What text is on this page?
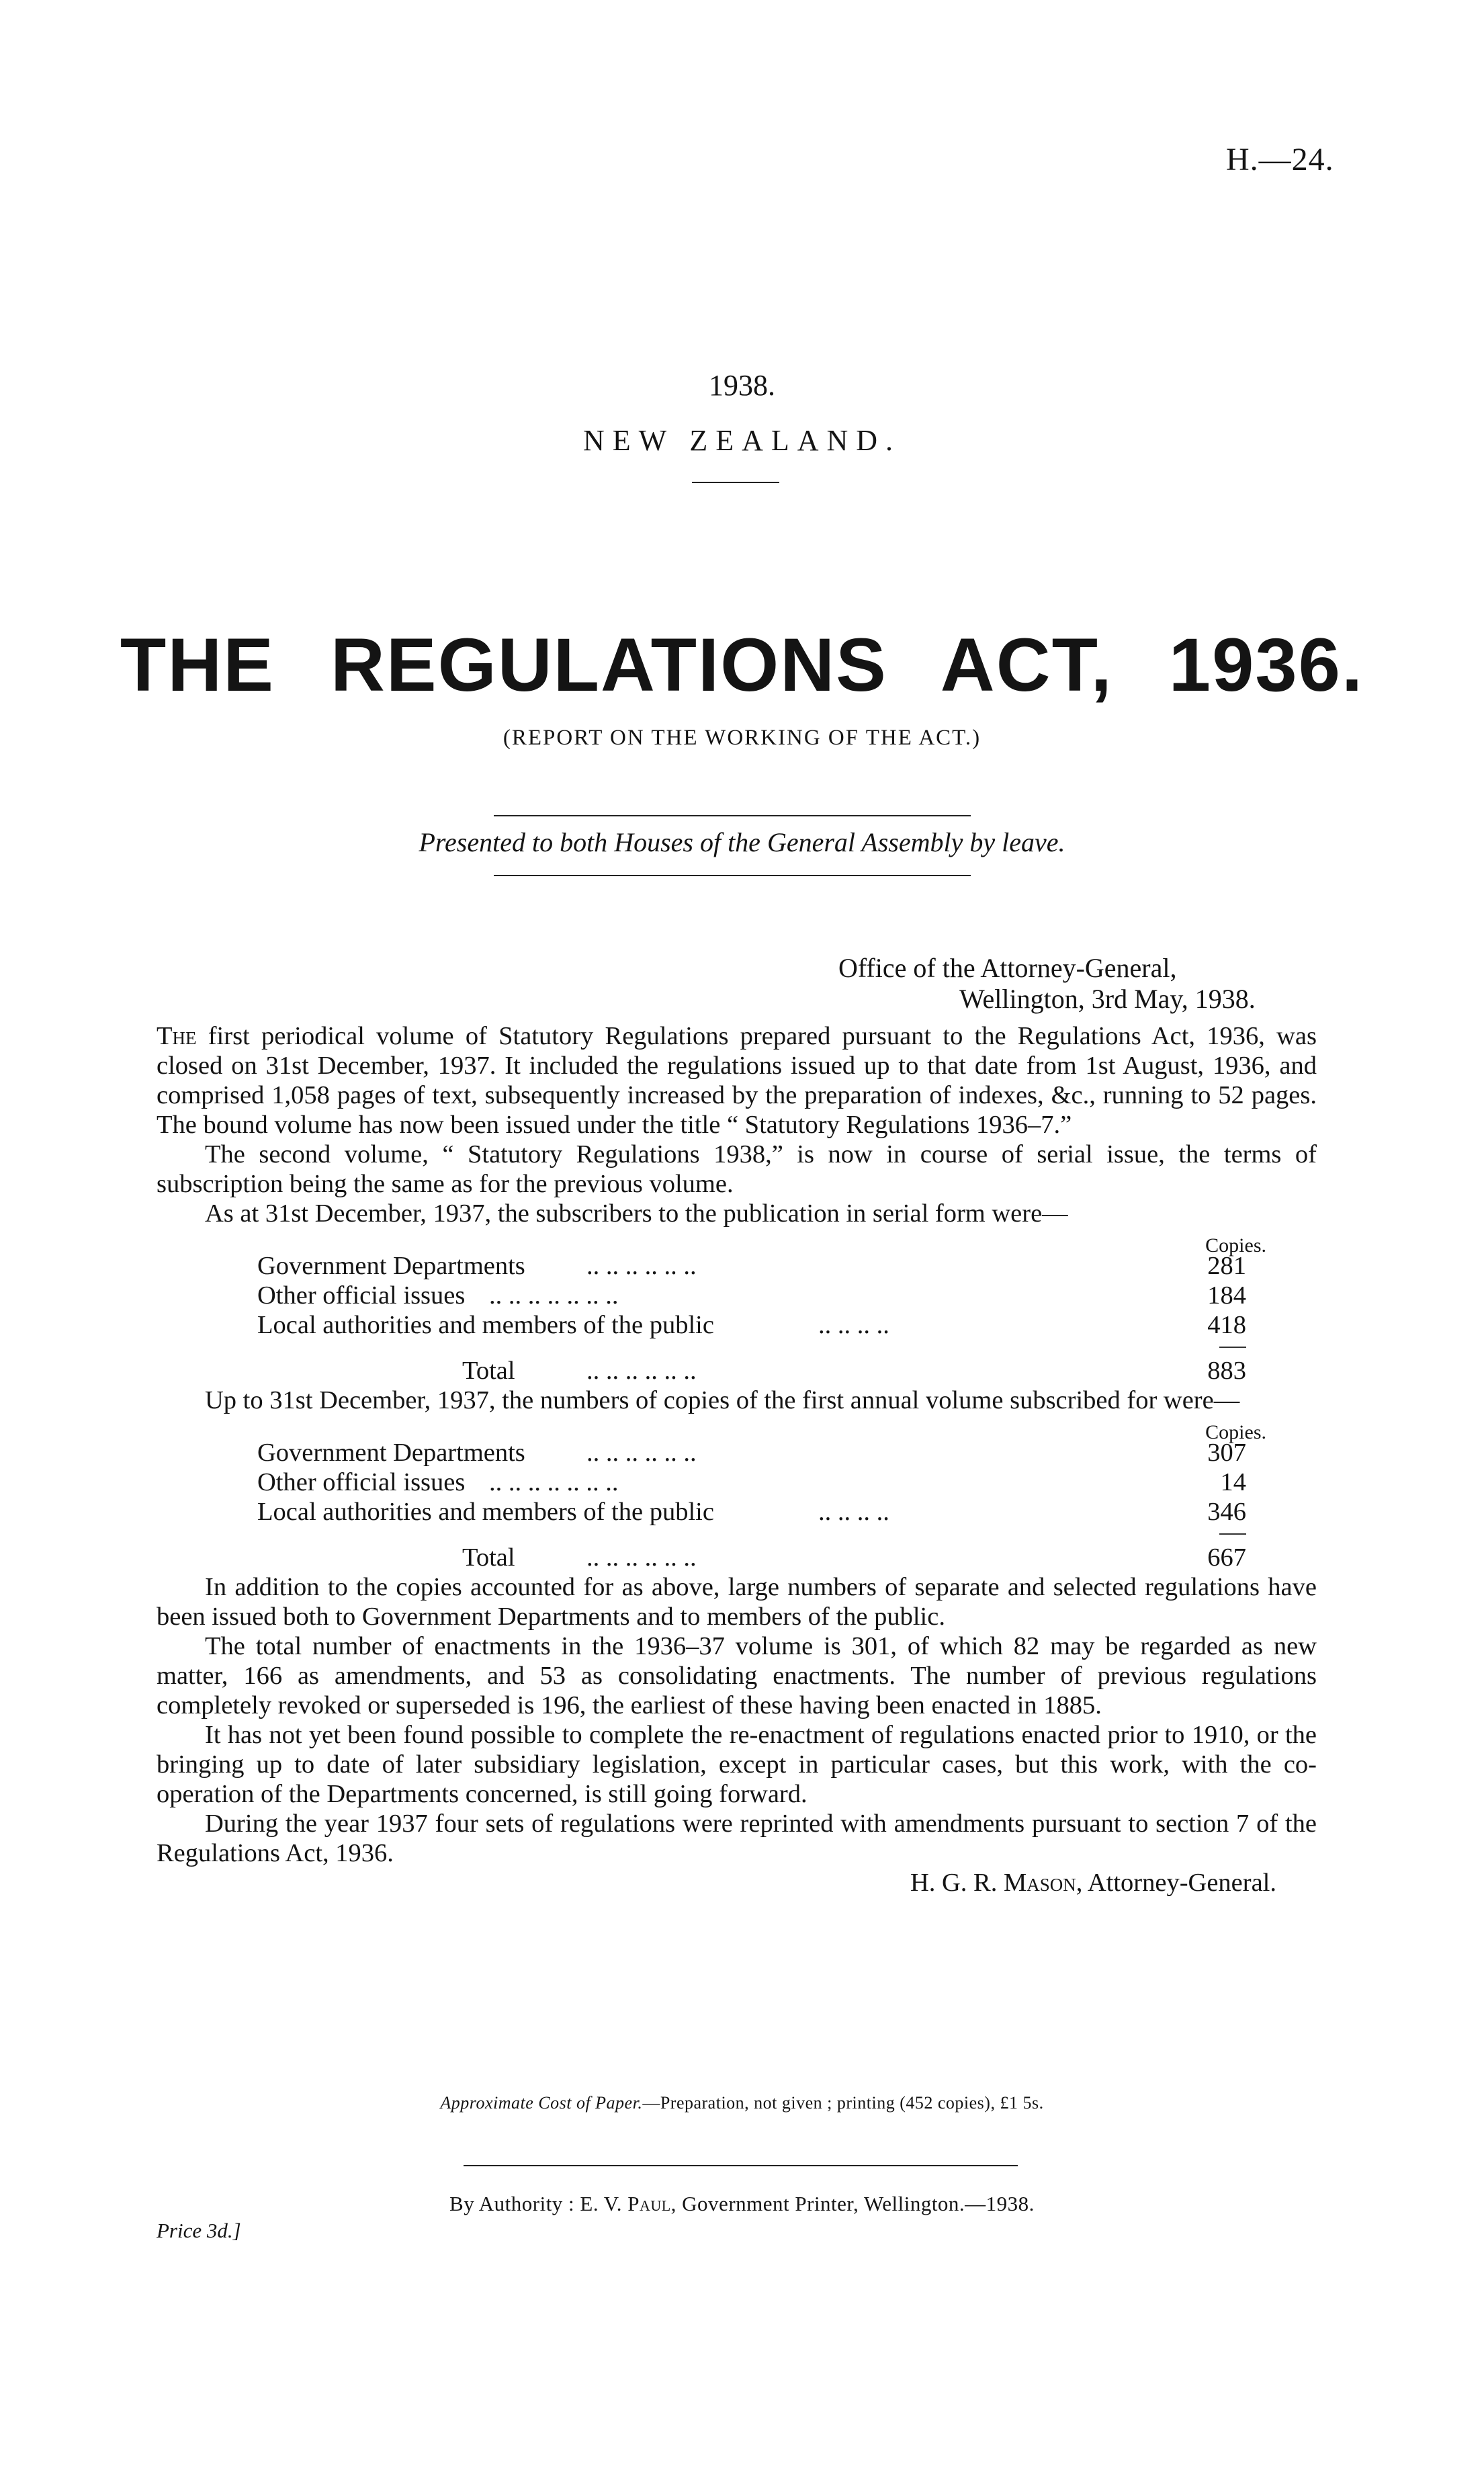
H.—24.
1938.
NEW ZEALAND.
THE REGULATIONS ACT, 1936.
(REPORT ON THE WORKING OF THE ACT.)
Presented to both Houses of the General Assembly by leave.
Office of the Attorney-General,
Wellington, 3rd May, 1938.

The first periodical volume of Statutory Regulations prepared pursuant to the Regulations Act, 1936, was closed on 31st December, 1937. It included the regulations issued up to that date from 1st August, 1936, and comprised 1,058 pages of text, subsequently increased by the preparation of indexes, &c., running to 52 pages. The bound volume has now been issued under the title “ Statutory Regulations 1936–7.”

The second volume, “ Statutory Regulations 1938,” is now in course of serial issue, the terms of subscription being the same as for the previous volume.

As at 31st December, 1937, the subscribers to the publication in serial form were—

Copies.
Government Departments .. .. .. .. .. ..	281
Other official issues .. .. .. .. .. .. ..	184
Local authorities and members of the public	.. .. .. ..	418
Total	.. .. .. .. .. ..	883

Up to 31st December, 1937, the numbers of copies of the first annual volume subscribed for were—

Copies.
Government Departments .. .. .. .. .. ..	307
Other official issues .. .. .. .. .. .. ..	14
Local authorities and members of the public	.. .. .. ..	346
Total	.. .. .. .. .. ..	667

In addition to the copies accounted for as above, large numbers of separate and selected regulations have been issued both to Government Departments and to members of the public.

The total number of enactments in the 1936–37 volume is 301, of which 82 may be regarded as new matter, 166 as amendments, and 53 as consolidating enactments. The number of previous regulations completely revoked or superseded is 196, the earliest of these having been enacted in 1885.

It has not yet been found possible to complete the re-enactment of regulations enacted prior to 1910, or the bringing up to date of later subsidiary legislation, except in particular cases, but this work, with the co-operation of the Departments concerned, is still going forward.

During the year 1937 four sets of regulations were reprinted with amendments pursuant to section 7 of the Regulations Act, 1936.

H. G. R. Mason, Attorney-General.

Approximate Cost of Paper.—Preparation, not given ; printing (452 copies), £1 5s.
By Authority : E. V. Paul, Government Printer, Wellington.—1938.
Price 3d.]
